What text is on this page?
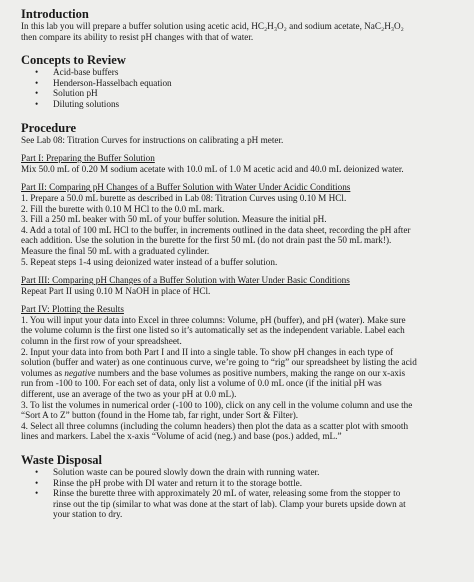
Introduction

In this lab you will prepare a buffer solution using acetic acid, HC₂H₃O₂ and sodium acetate, NaC₂H₃O₂

then compare its ability to resist pH changes with that of water.

Concepts to Review

• Acid-base buffers
• Henderson-Hasselbach equation
• Solution pH
• Diluting solutions

Procedure

See Lab 08: Titration Curves for instructions on calibrating a pH meter.

Part I: Preparing the Buffer Solution

Mix 50.0 mL of 0.20 M sodium acetate with 10.0 mL of 1.0 M acetic acid and 40.0 mL deionized water.

Part II: Comparing pH Changes of a Buffer Solution with Water Under Acidic Conditions

1. Prepare a 50.0 mL burette as described in Lab 08: Titration Curves using 0.10 M HCl.

2. Fill the burette with 0.10 M HCl to the 0.0 mL mark.

3. Fill a 250 mL beaker with 50 mL of your buffer solution. Measure the initial pH.

4. Add a total of 100 mL HCl to the buffer, in increments outlined in the data sheet, recording the pH after

each addition. Use the solution in the burette for the first 50 mL (do not drain past the 50 mL mark!).

Measure the final 50 mL with a graduated cylinder.

5. Repeat steps 1-4 using deionized water instead of a buffer solution.

Part III: Comparing pH Changes of a Buffer Solution with Water Under Basic Conditions

Repeat Part II using 0.10 M NaOH in place of HCl.

Part IV: Plotting the Results

1. You will input your data into Excel in three columns: Volume, pH (buffer), and pH (water). Make sure

the volume column is the first one listed so it’s automatically set as the independent variable. Label each

column in the first row of your spreadsheet.

2. Input your data into from both Part I and II into a single table. To show pH changes in each type of

solution (buffer and water) as one continuous curve, we’re going to “rig” our spreadsheet by listing the acid

volumes as negative numbers and the base volumes as positive numbers, making the range on our x-axis

run from -100 to 100. For each set of data, only list a volume of 0.0 mL once (if the initial pH was

different, use an average of the two as your pH at 0.0 mL).

3. To list the volumes in numerical order (-100 to 100), click on any cell in the volume column and use the

“Sort A to Z” button (found in the Home tab, far right, under Sort & Filter).

4. Select all three columns (including the column headers) then plot the data as a scatter plot with smooth

lines and markers. Label the x-axis “Volume of acid (neg.) and base (pos.) added, mL.”

Waste Disposal

• Solution waste can be poured slowly down the drain with running water.
• Rinse the pH probe with DI water and return it to the storage bottle.
• Rinse the burette three with approximately 20 mL of water, releasing some from the stopper to
rinse out the tip (similar to what was done at the start of lab). Clamp your burets upside down at
your station to dry.
